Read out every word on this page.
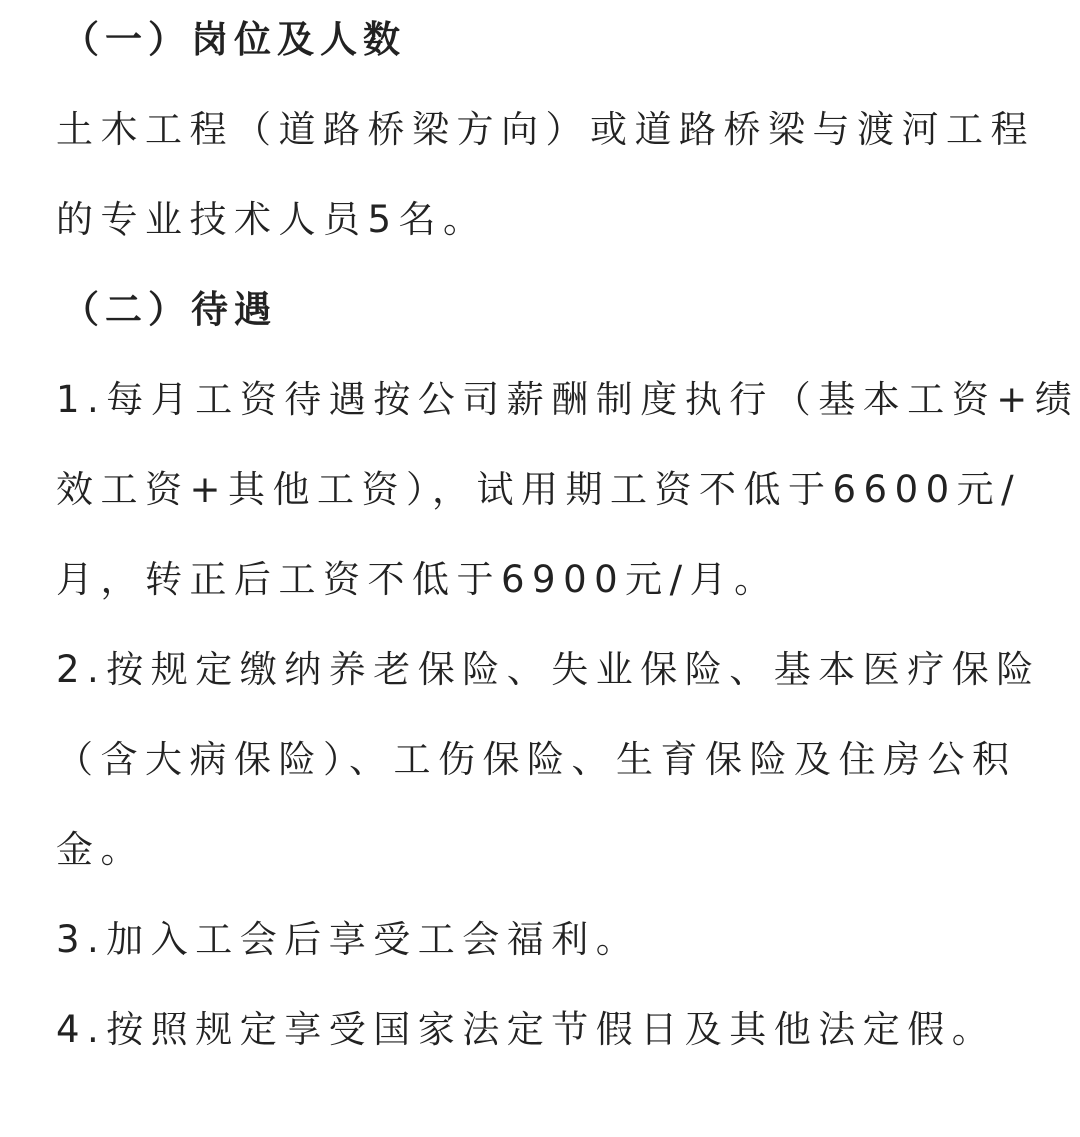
（一）岗位及人数
土木工程（道路桥梁方向）或道路桥梁与渡河工程
的专业技术人员5名。
（二）待遇
1.每月工资待遇按公司薪酬制度执行（基本工资+绩
效工资+其他工资），试用期工资不低于6600元/
月，转正后工资不低于6900元/月。
2.按规定缴纳养老保险、失业保险、基本医疗保险
（含大病保险）、工伤保险、生育保险及住房公积
金。
3.加入工会后享受工会福利。
4.按照规定享受国家法定节假日及其他法定假。
